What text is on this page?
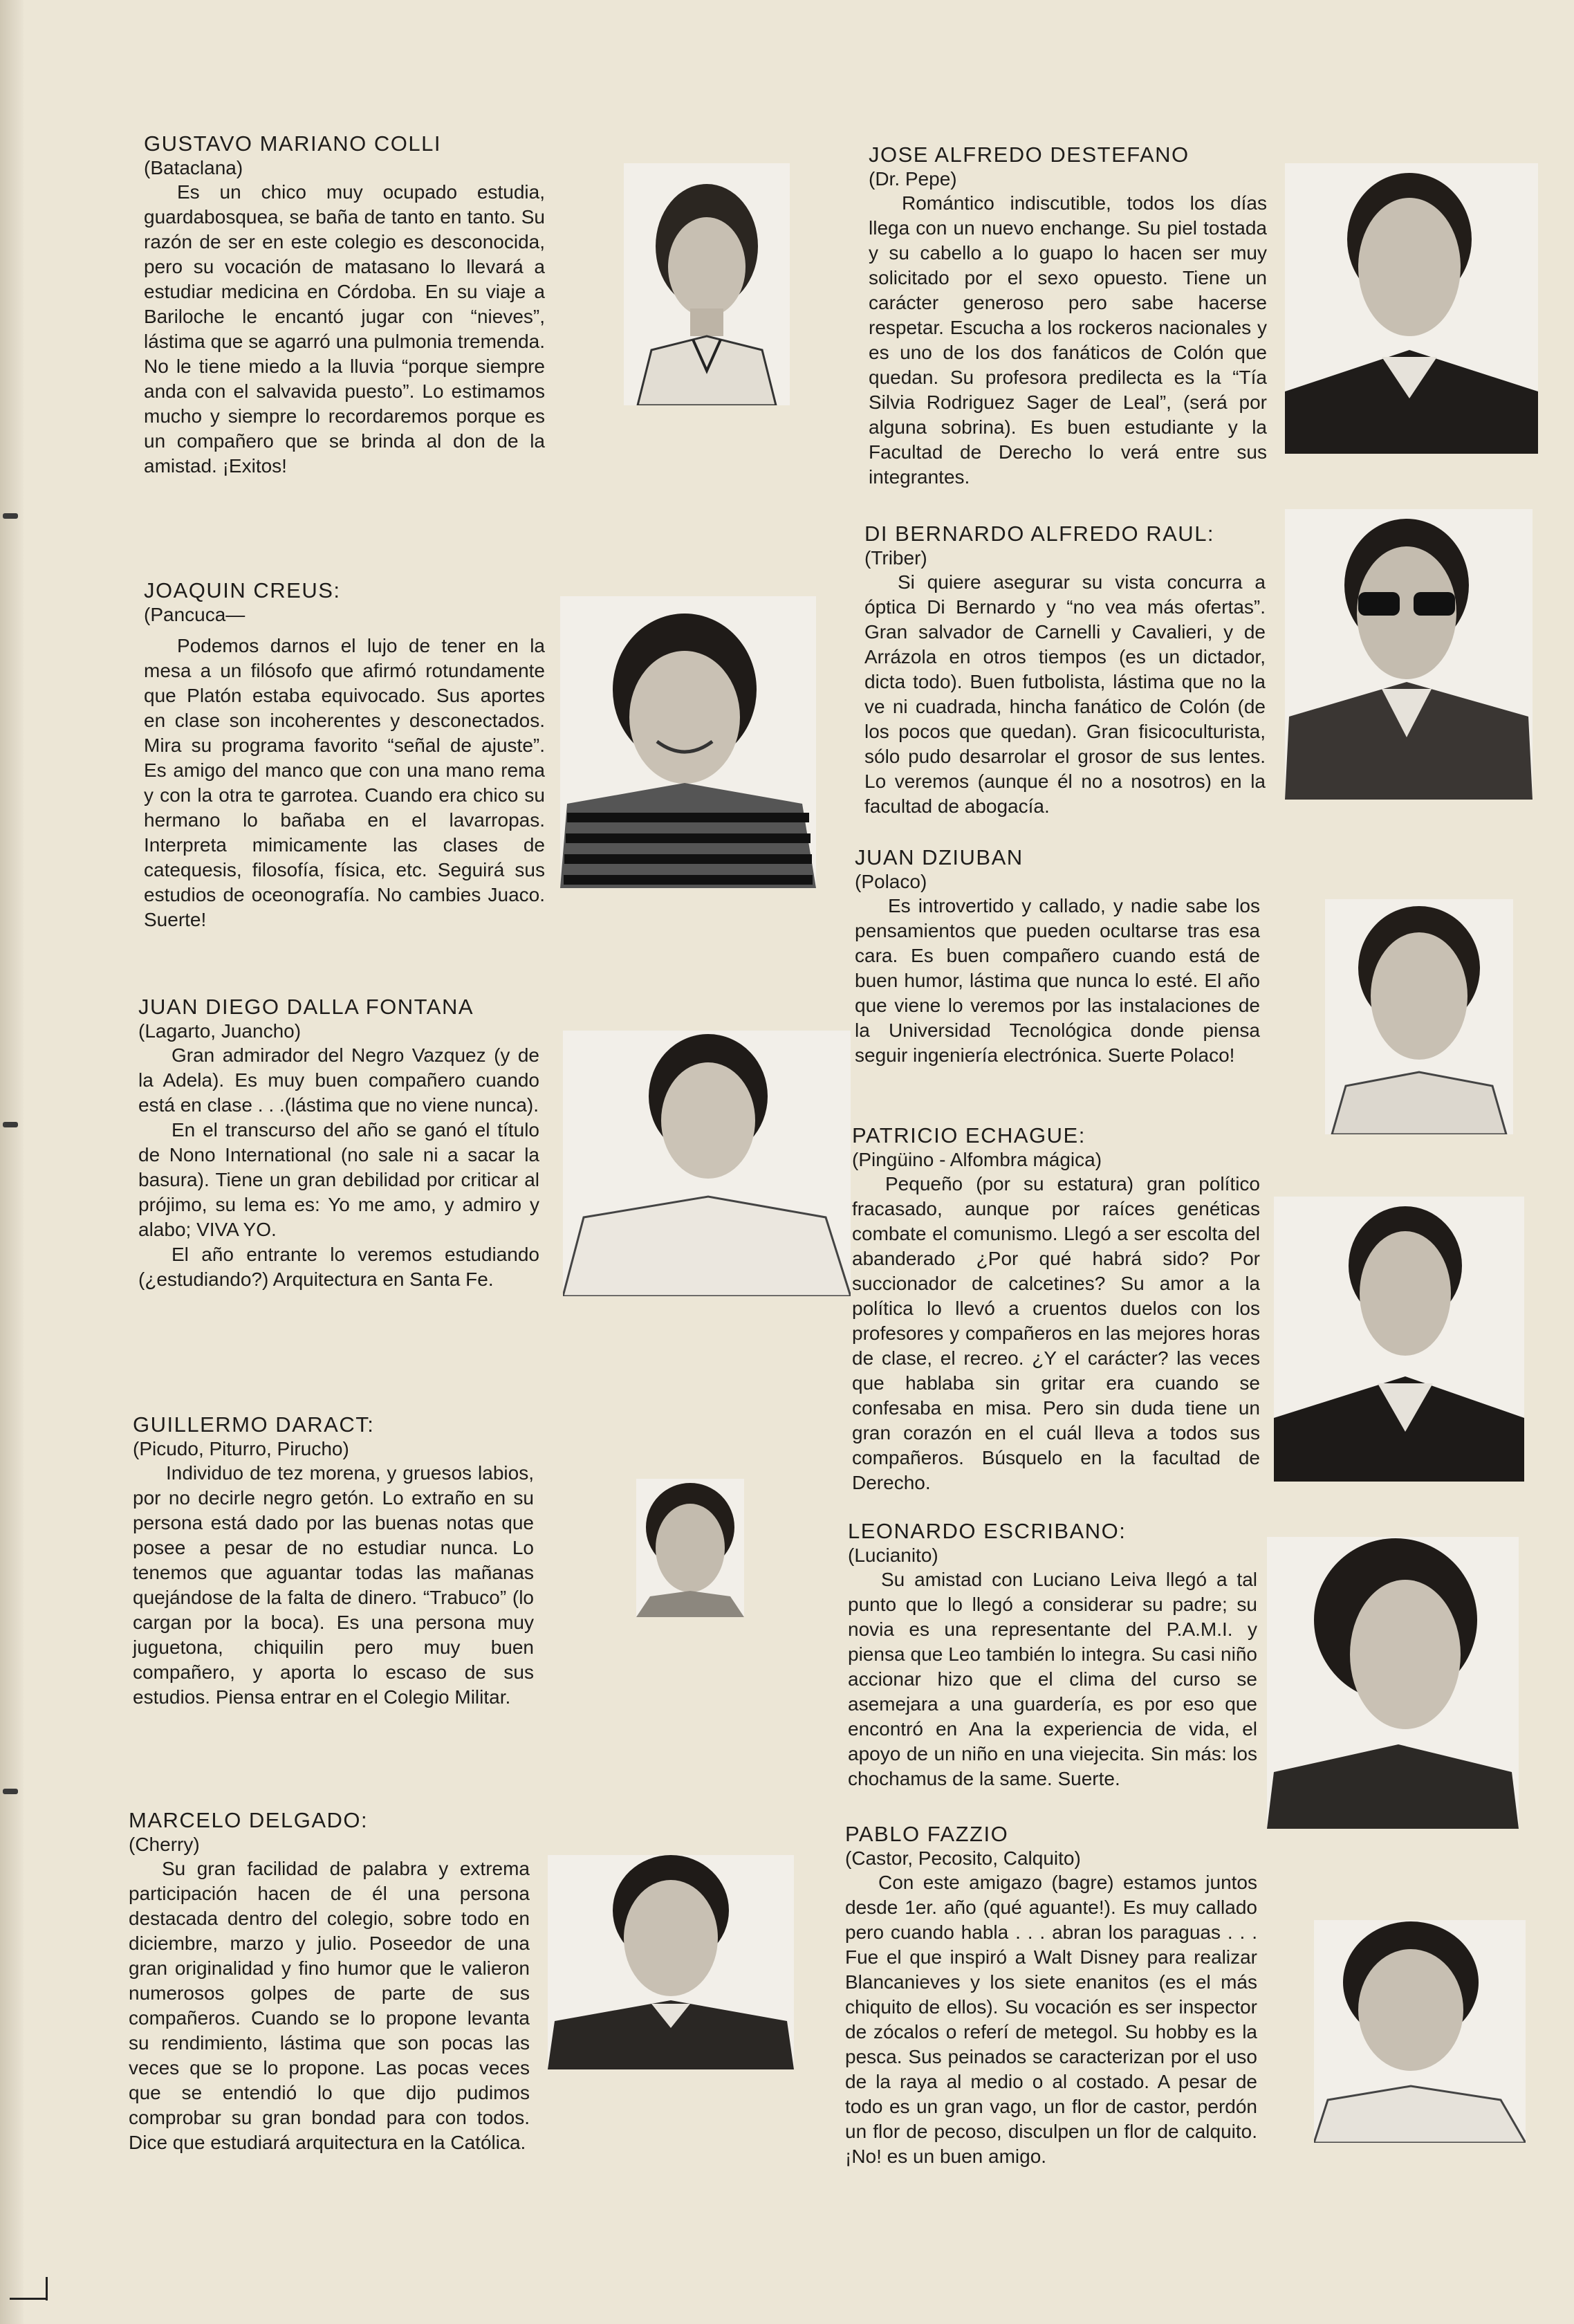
GUSTAVO MARIANO COLLI
(Bataclana)

Es un chico muy ocupado estudia, guardabosquea, se baña de tanto en tanto. Su razón de ser en este colegio es desconocida, pero su vocación de matasano lo llevará a estudiar medicina en Córdoba. En su viaje a Bariloche le encantó jugar con “nieves”, lástima que se agarró una pulmonia tremenda. No le tiene miedo a la lluvia “porque siempre anda con el salvavida puesto”. Lo estimamos mucho y siempre lo recordaremos porque es un compañero que se brinda al don de la amistad. ¡Exitos!

JOAQUIN CREUS:
(Pancuca—

Podemos darnos el lujo de tener en la mesa a un filósofo que afirmó rotundamente que Platón estaba equivocado. Sus aportes en clase son incoherentes y desconectados. Mira su programa favorito “señal de ajuste”. Es amigo del manco que con una mano rema y con la otra te garrotea. Cuando era chico su hermano lo bañaba en el lavarropas. Interpreta mimicamente las clases de catequesis, filosofía, física, etc. Seguirá sus estudios de oceonografía. No cambies Juaco. Suerte!

JUAN DIEGO DALLA FONTANA
(Lagarto, Juancho)

Gran admirador del Negro Vazquez (y de la Adela). Es muy buen compañero cuando está en clase . . .(lástima que no viene nunca).
En el transcurso del año se ganó el título de Nono International (no sale ni a sacar la basura). Tiene un gran debilidad por criticar al prójimo, su lema es: Yo me amo, y admiro y alabo; VIVA YO.
El año entrante lo veremos estudiando (¿estudiando?) Arquitectura en Santa Fe.

GUILLERMO DARACT:
(Picudo, Piturro, Pirucho)

Individuo de tez morena, y gruesos labios, por no decirle negro getón. Lo extraño en su persona está dado por las buenas notas que posee a pesar de no estudiar nunca. Lo tenemos que aguantar todas las mañanas quejándose de la falta de dinero. “Trabuco” (lo cargan por la boca). Es una persona muy juguetona, chiquilin pero muy buen compañero, y aporta lo escaso de sus estudios. Piensa entrar en el Colegio Militar.

MARCELO DELGADO:
(Cherry)

Su gran facilidad de palabra y extrema participación hacen de él una persona destacada dentro del colegio, sobre todo en diciembre, marzo y julio. Poseedor de una gran originalidad y fino humor que le valieron numerosos golpes de parte de sus compañeros. Cuando se lo propone levanta su rendimiento, lástima que son pocas las veces que se lo propone. Las pocas veces que se entendió lo que dijo pudimos comprobar su gran bondad para con todos. Dice que estudiará arquitectura en la Católica.

JOSE ALFREDO DESTEFANO
(Dr. Pepe)

Romántico indiscutible, todos los días llega con un nuevo enchange. Su piel tostada y su cabello a lo guapo lo hacen ser muy solicitado por el sexo opuesto. Tiene un carácter generoso pero sabe hacerse respetar. Escucha a los rockeros nacionales y es uno de los dos fanáticos de Colón que quedan. Su profesora predilecta es la “Tía Silvia Rodriguez Sager de Leal”, (será por alguna sobrina). Es buen estudiante y la Facultad de Derecho lo verá entre sus integrantes.

DI BERNARDO ALFREDO RAUL:
(Triber)

Si quiere asegurar su vista concurra a óptica Di Bernardo y “no vea más ofertas”. Gran salvador de Carnelli y Cavalieri, y de Arrázola en otros tiempos (es un dictador, dicta todo). Buen futbolista, lástima que no la ve ni cuadrada, hincha fanático de Colón (de los pocos que quedan). Gran fisicoculturista, sólo pudo desarrolar el grosor de sus lentes. Lo veremos (aunque él no a nosotros) en la facultad de abogacía.

JUAN DZIUBAN
(Polaco)

Es introvertido y callado, y nadie sabe los pensamientos que pueden ocultarse tras esa cara. Es buen compañero cuando está de buen humor, lástima que nunca lo esté. El año que viene lo veremos por las instalaciones de la Universidad Tecnológica donde piensa seguir ingeniería electrónica. Suerte Polaco!

PATRICIO ECHAGUE:
(Pingüino - Alfombra mágica)

Pequeño (por su estatura) gran político fracasado, aunque por raíces genéticas combate el comunismo. Llegó a ser escolta del abanderado ¿Por qué habrá sido? Por succionador de calcetines? Su amor a la política lo llevó a cruentos duelos con los profesores y compañeros en las mejores horas de clase, el recreo. ¿Y el carácter? las veces que hablaba sin gritar era cuando se confesaba en misa. Pero sin duda tiene un gran corazón en el cuál lleva a todos sus compañeros. Búsquelo en la facultad de Derecho.

LEONARDO ESCRIBANO:
(Lucianito)

Su amistad con Luciano Leiva llegó a tal punto que lo llegó a considerar su padre; su novia es una representante del P.A.M.I. y piensa que Leo también lo integra. Su casi niño accionar hizo que el clima del curso se asemejara a una guardería, es por eso que encontró en Ana la experiencia de vida, el apoyo de un niño en una viejecita. Sin más: los chochamus de la same. Suerte.

PABLO FAZZIO
(Castor, Pecosito, Calquito)

Con este amigazo (bagre) estamos juntos desde 1er. año (qué aguante!). Es muy callado pero cuando habla . . . abran los paraguas . . . Fue el que inspiró a Walt Disney para realizar Blancanieves y los siete enanitos (es el más chiquito de ellos). Su vocación es ser inspector de zócalos o referí de metegol. Su hobby es la pesca. Sus peinados se caracterizan por el uso de la raya al medio o al costado. A pesar de todo es un gran vago, un flor de castor, perdón un flor de pecoso, disculpen un flor de calquito. ¡No! es un buen amigo.
